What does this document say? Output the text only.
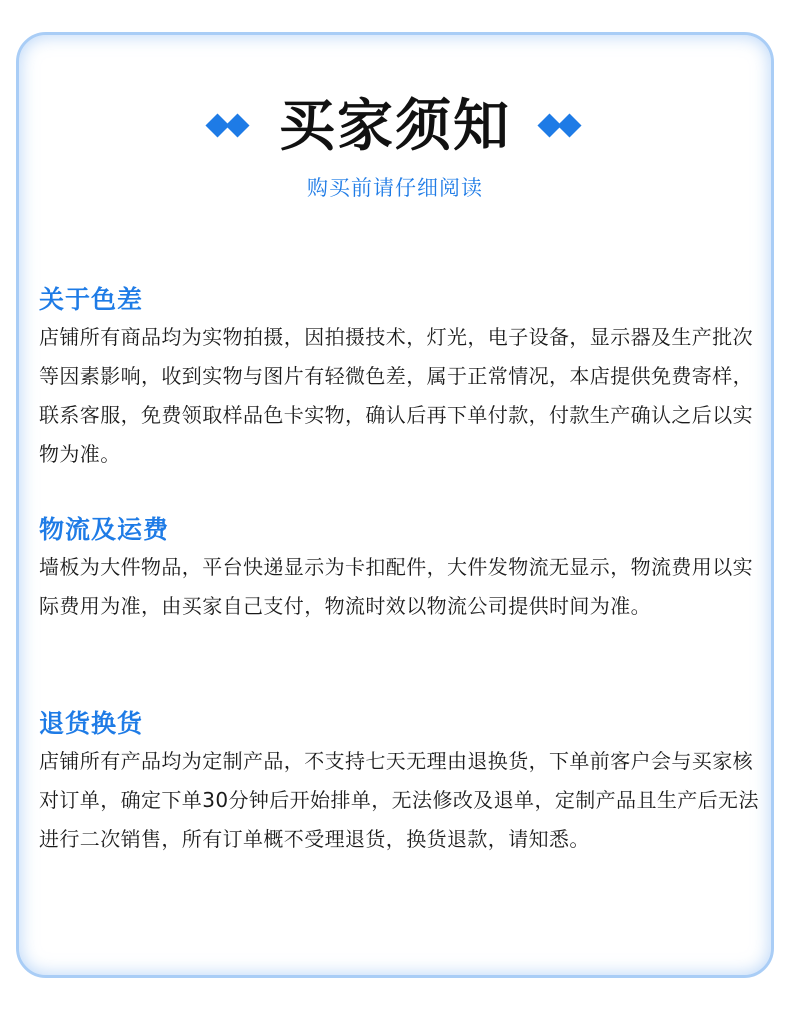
买家须知
购买前请仔细阅读
关于色差

店铺所有商品均为实物拍摄，因拍摄技术，灯光，电子设备，显示器及生产批次等因素影响，收到实物与图片有轻微色差，属于正常情况，本店提供免费寄样，联系客服，免费领取样品色卡实物，确认后再下单付款，付款生产确认之后以实物为准。

物流及运费

墙板为大件物品，平台快递显示为卡扣配件，大件发物流无显示，物流费用以实际费用为准，由买家自己支付，物流时效以物流公司提供时间为准。

退货换货

店铺所有产品均为定制产品，不支持七天无理由退换货，下单前客户会与买家核对订单，确定下单30分钟后开始排单，无法修改及退单，定制产品且生产后无法进行二次销售，所有订单概不受理退货，换货退款，请知悉。
